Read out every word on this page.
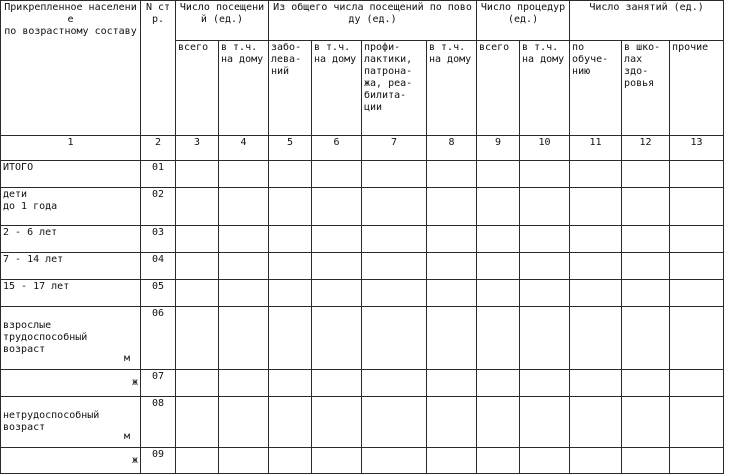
Прикрепленное население
по возрастному составу	N стр.	Число посещений (ед.)		Из общего числа посещений по поводу (ед.)				Число процедур (ед.)		Число занятий (ед.)		
		всего	в т.ч. на дому	забо-
лева-
ний	в т.ч. на дому	профи-
лактики, патрона-
жа, реа-
билита-
ции	в т.ч. на дому	всего	в т.ч. на дому	по
обуче-
нию	в шко-
лах
здо-
ровья	прочие
1	2	3	4	5	6	7	8	9	10	11	12	13
ИТОГО	01											
дети
до 1 года	02											
2 - 6 лет	03											
7 - 14 лет	04											
15 - 17 лет	05											

взрослые
трудоспособный
возраст

м	06											
ж	07											

нетрудоспособный
возраст

м	08											
ж	09											
